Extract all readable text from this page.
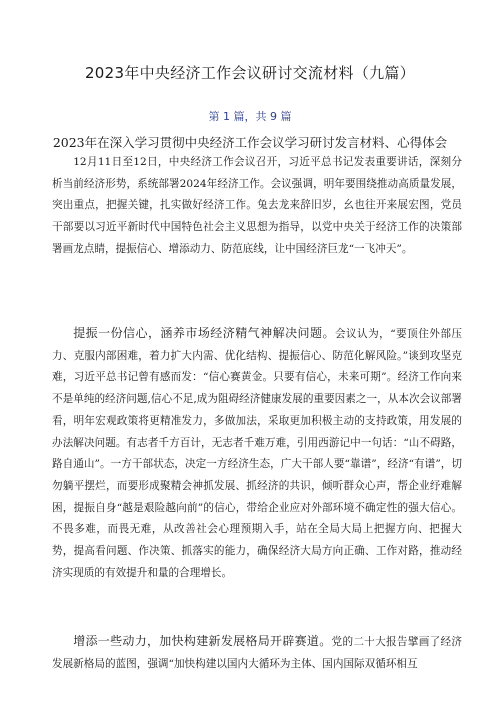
2023年中央经济工作会议研讨交流材料（九篇）
第 1 篇，共 9 篇
2023年在深入学习贯彻中央经济工作会议学习研讨发言材料、心得体会

12月11日至12日，中央经济工作会议召开，习近平总书记发表重要讲话，深刻分析当前经济形势，系统部署2024年经济工作。会议强调，明年要围绕推动高质量发展，突出重点，把握关键，扎实做好经济工作。兔去龙来辞旧岁，幺也往开来展宏图，党员干部要以习近平新时代中国特色社会主义思想为指导，以党中央关于经济工作的决策部署画龙点睛，提振信心、增添动力、防范底线，让中国经济巨龙“一飞冲天”。

提振一份信心，涵养市场经济精气神解决问题。会议认为，“要顶住外部压力、克服内部困难，着力扩大内需、优化结构、提振信心、防范化解风险。”谈到攻坚克难，习近平总书记曾有感而发：“信心赛黄金。只要有信心，未来可期”。经济工作向来不是单纯的经济问题,信心不足,成为阻碍经济健康发展的重要因素之一，从本次会议部署看，明年宏观政策将更精准发力，多做加法，采取更加积极主动的支持政策，用发展的办法解决问题。有志者千方百计，无志者千难万难，引用西游记中一句话：“山不碍路，路自通山”。一方干部状态，决定一方经济生态，广大干部人要“靠谱”，经济“有谱”，切勿躺平摆烂，而要形成聚精会神抓发展、抓经济的共识，倾听群众心声，帮企业纾难解困，提振自身“越是艰险越向前”的信心，带给企业应对外部环境不确定性的强大信心。不畏多难，而畏无难，从改善社会心理预期入手，站在全局大局上把握方向、把握大势，提高看问题、作决策、抓落实的能力，确保经济大局方向正确、工作对路，推动经济实现质的有效提升和量的合理增长。

增添一些动力，加快构建新发展格局开辟赛道。党的二十大报告擘画了经济发展新格局的蓝图，强调“加快构建以国内大循环为主体、国内国际双循环相互
